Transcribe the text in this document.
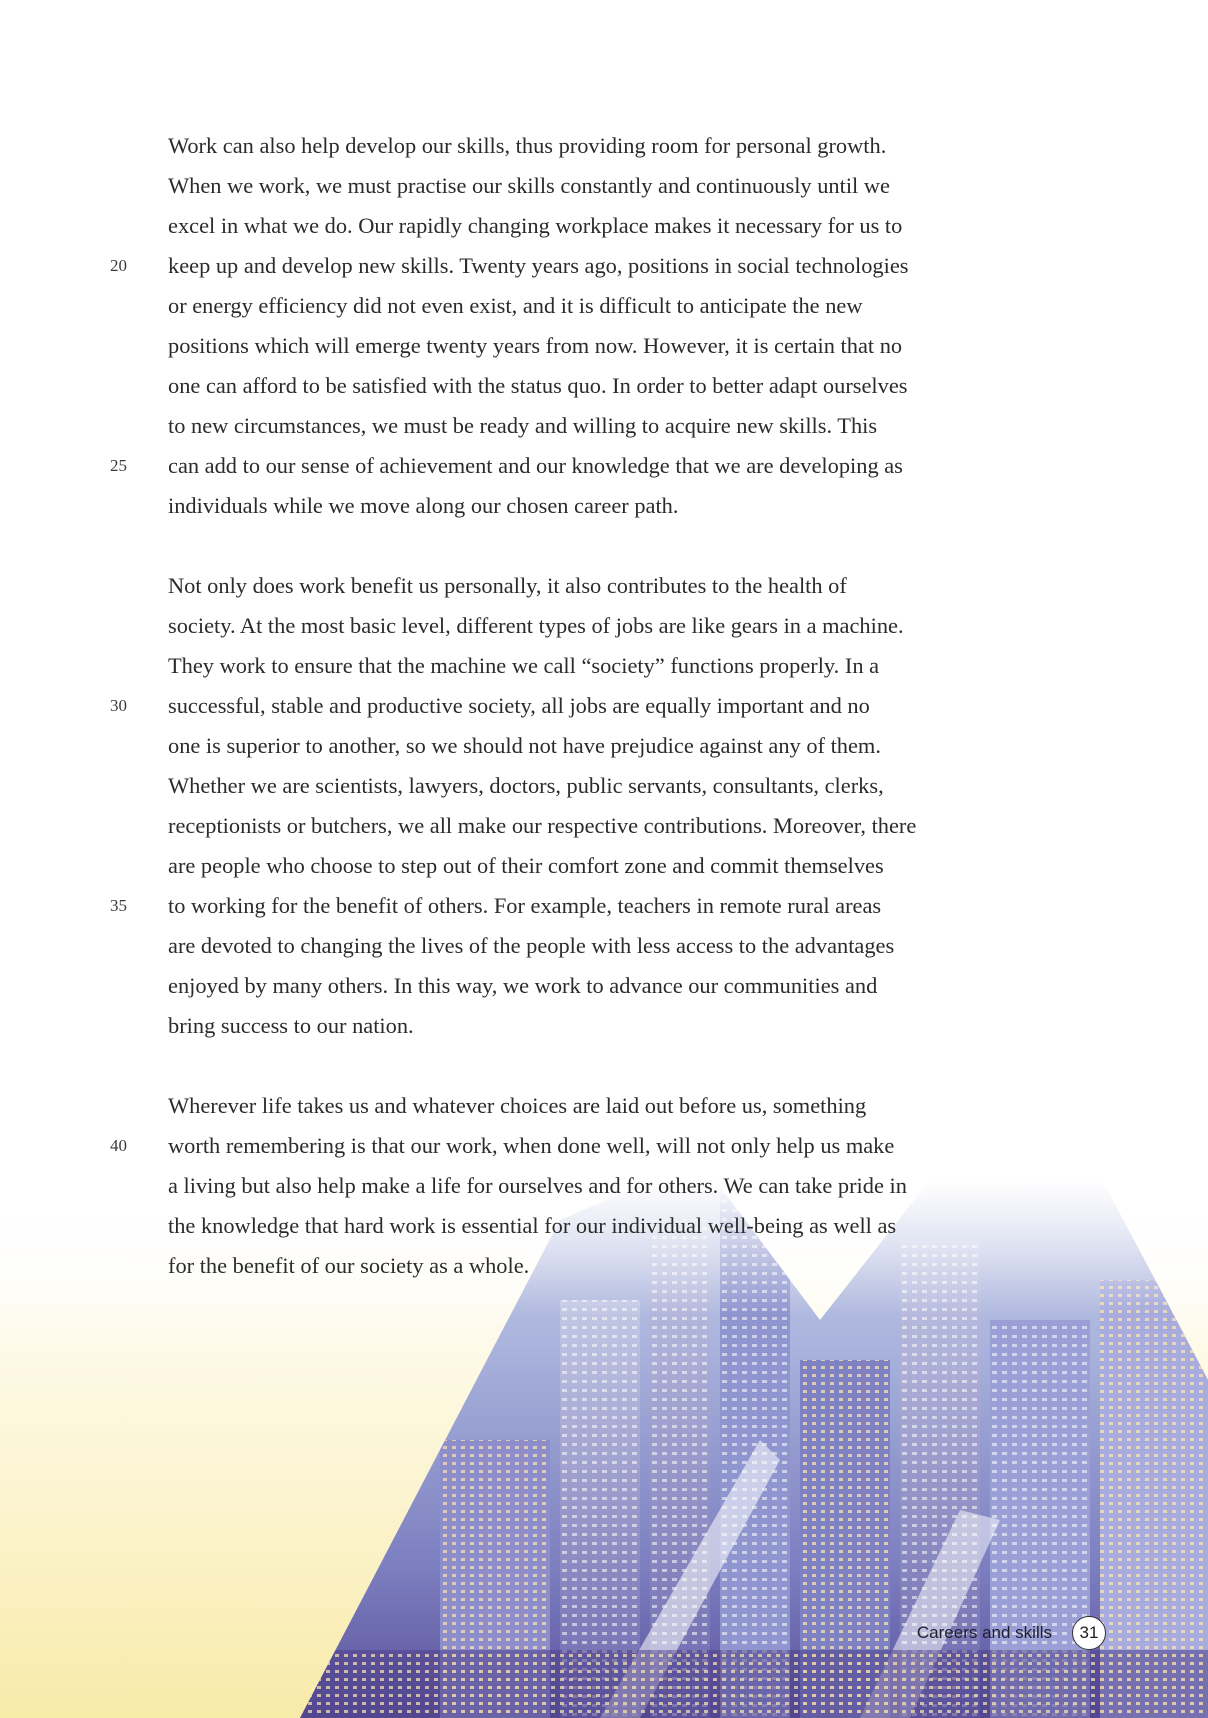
Work can also help develop our skills, thus providing room for personal growth.
When we work, we must practise our skills constantly and continuously until we
excel in what we do. Our rapidly changing workplace makes it necessary for us to
20	keep up and develop new skills. Twenty years ago, positions in social technologies
or energy efficiency did not even exist, and it is difficult to anticipate the new
positions which will emerge twenty years from now. However, it is certain that no
one can afford to be satisfied with the status quo. In order to better adapt ourselves
to new circumstances, we must be ready and willing to acquire new skills. This
25	can add to our sense of achievement and our knowledge that we are developing as
individuals while we move along our chosen career path.
Not only does work benefit us personally, it also contributes to the health of
society. At the most basic level, different types of jobs are like gears in a machine.
They work to ensure that the machine we call “society” functions properly. In a
30	successful, stable and productive society, all jobs are equally important and no
one is superior to another, so we should not have prejudice against any of them.
Whether we are scientists, lawyers, doctors, public servants, consultants, clerks,
receptionists or butchers, we all make our respective contributions. Moreover, there
are people who choose to step out of their comfort zone and commit themselves
35	to working for the benefit of others. For example, teachers in remote rural areas
are devoted to changing the lives of the people with less access to the advantages
enjoyed by many others. In this way, we work to advance our communities and
bring success to our nation.
Wherever life takes us and whatever choices are laid out before us, something
40	worth remembering is that our work, when done well, will not only help us make
a living but also help make a life for ourselves and for others. We can take pride in
the knowledge that hard work is essential for our individual well-being as well as
for the benefit of our society as a whole.
Careers and skills	31
